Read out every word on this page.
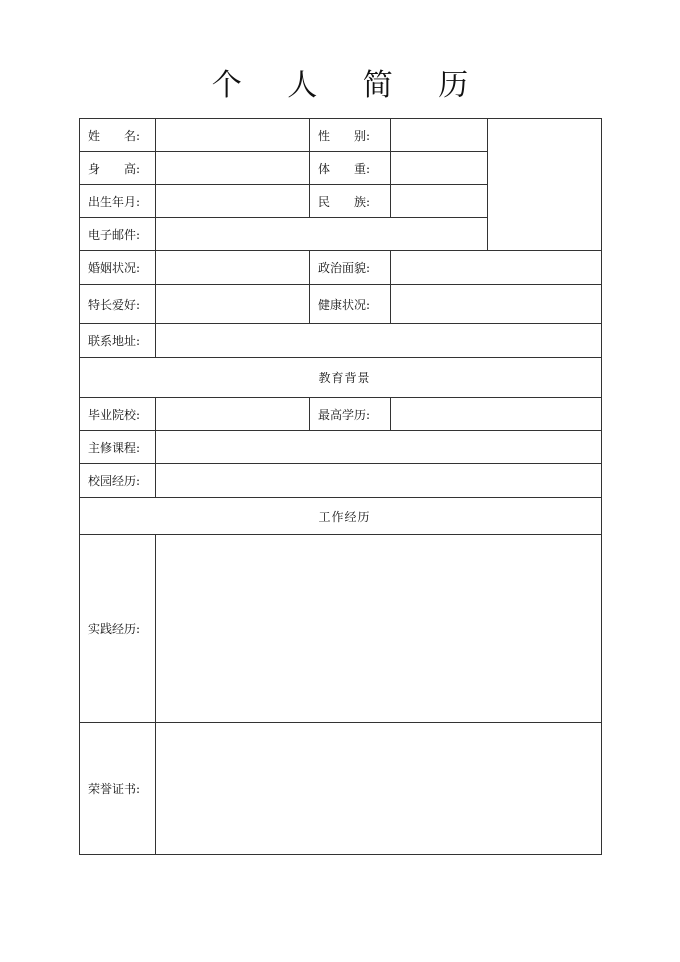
个 人 简 历
姓　　名:		性　　别:		
身　　高:		体　　重:		
出生年月:		民　　族:		
电子邮件:				
婚姻状况:		政治面貌:		
特长爱好:		健康状况:		
联系地址:				
教育背景				
毕业院校:		最高学历:		
主修课程:				
校园经历:				
工作经历				
实践经历:				
荣誉证书:				
